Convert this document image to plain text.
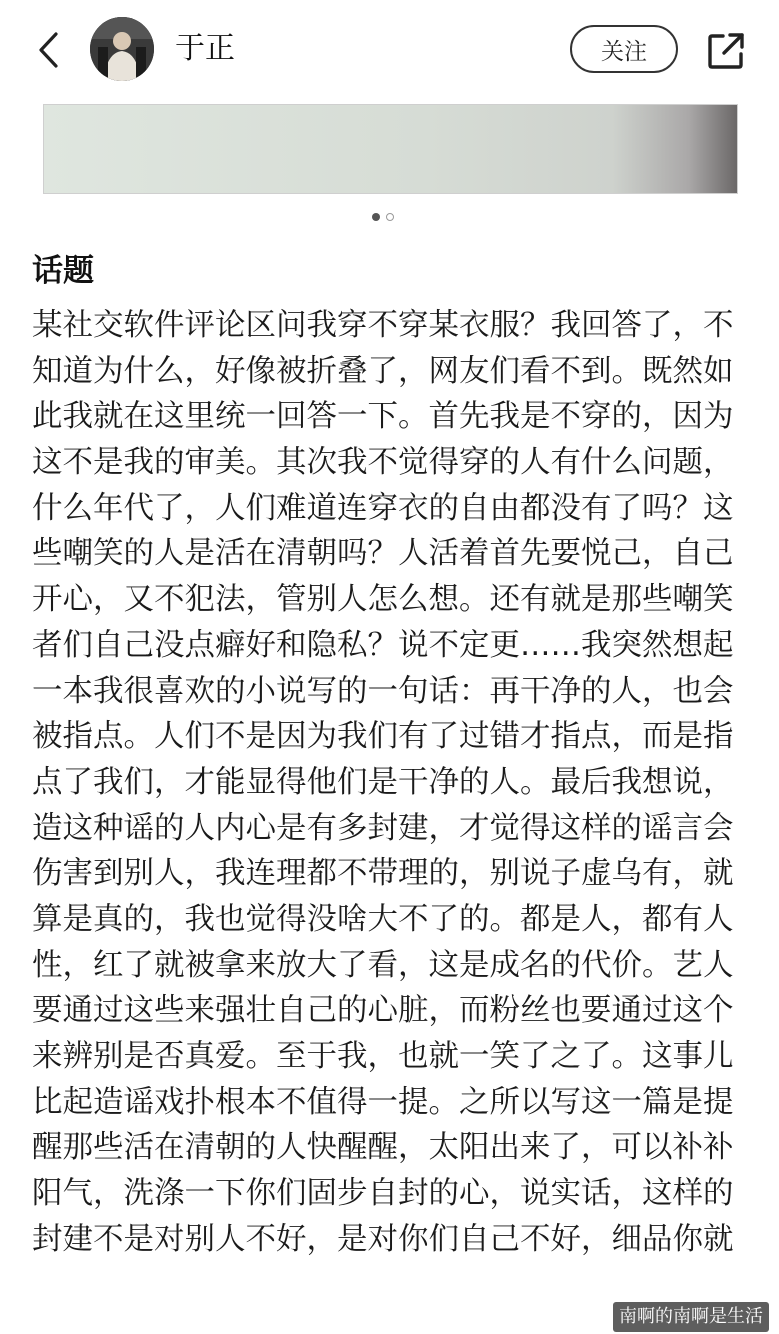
于正	关注
话题
某社交软件评论区问我穿不穿某衣服？我回答了，不
知道为什么，好像被折叠了，网友们看不到。既然如
此我就在这里统一回答一下。首先我是不穿的，因为
这不是我的审美。其次我不觉得穿的人有什么问题，
什么年代了，人们难道连穿衣的自由都没有了吗？这
些嘲笑的人是活在清朝吗？人活着首先要悦己，自己
开心，又不犯法，管别人怎么想。还有就是那些嘲笑
者们自己没点癖好和隐私？说不定更……我突然想起
一本我很喜欢的小说写的一句话：再干净的人，也会
被指点。人们不是因为我们有了过错才指点，而是指
点了我们，才能显得他们是干净的人。最后我想说，
造这种谣的人内心是有多封建，才觉得这样的谣言会
伤害到别人，我连理都不带理的，别说子虚乌有，就
算是真的，我也觉得没啥大不了的。都是人，都有人
性，红了就被拿来放大了看，这是成名的代价。艺人
要通过这些来强壮自己的心脏，而粉丝也要通过这个
来辨别是否真爱。至于我，也就一笑了之了。这事儿
比起造谣戏扑根本不值得一提。之所以写这一篇是提
醒那些活在清朝的人快醒醒，太阳出来了，可以补补
阳气，洗涤一下你们固步自封的心，说实话，这样的
封建不是对别人不好，是对你们自己不好，细品你就
南啊的南啊是生活
